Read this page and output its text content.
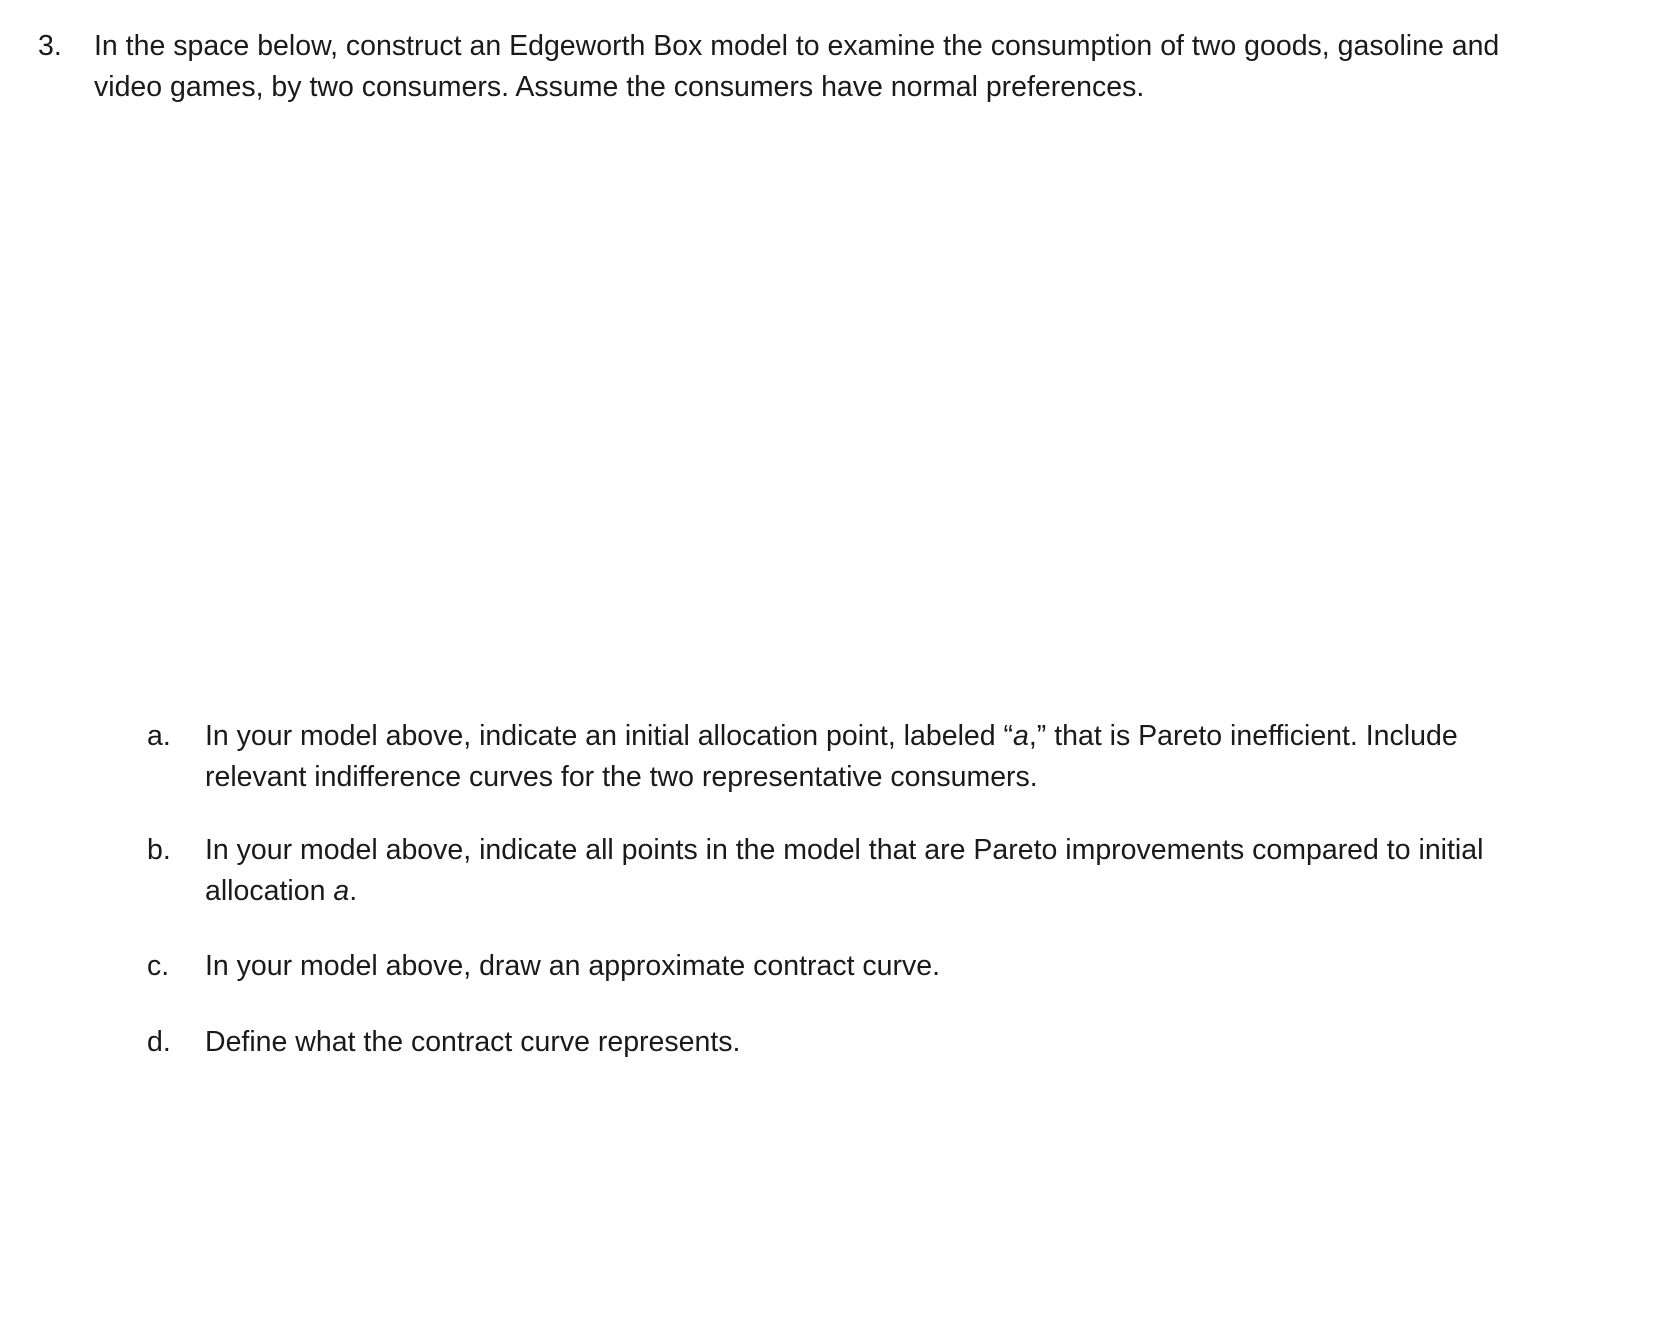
3. In the space below, construct an Edgeworth Box model to examine the consumption of two goods, gasoline and
video games, by two consumers. Assume the consumers have normal preferences.
a. In your model above, indicate an initial allocation point, labeled “a,” that is Pareto inefficient. Include
relevant indifference curves for the two representative consumers.
b. In your model above, indicate all points in the model that are Pareto improvements compared to initial
allocation a.
c. In your model above, draw an approximate contract curve.
d. Define what the contract curve represents.
